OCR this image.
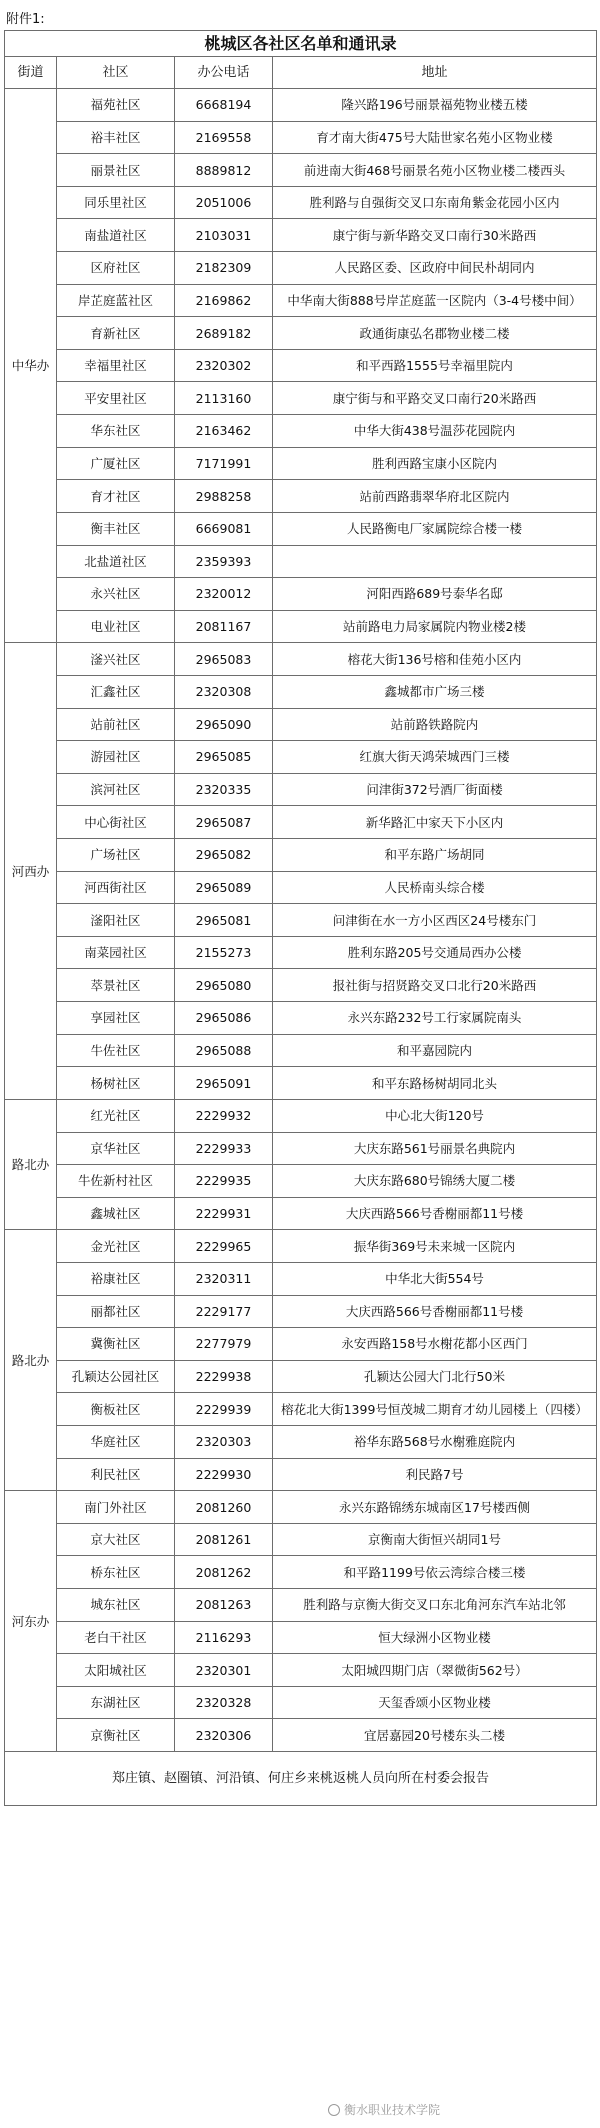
附件1:
桃城区各社区名单和通讯录			
街道	社区	办公电话	地址
中华办	福苑社区	6668194	隆兴路196号丽景福苑物业楼五楼
	裕丰社区	2169558	育才南大街475号大陆世家名苑小区物业楼
	丽景社区	8889812	前进南大街468号丽景名苑小区物业楼二楼西头
	同乐里社区	2051006	胜利路与自强街交叉口东南角紫金花园小区内
	南盐道社区	2103031	康宁街与新华路交叉口南行30米路西
	区府社区	2182309	人民路区委、区政府中间民朴胡同内
	岸芷庭蓝社区	2169862	中华南大街888号岸芷庭蓝一区院内（3-4号楼中间）
	育新社区	2689182	政通街康弘名郡物业楼二楼
	幸福里社区	2320302	和平西路1555号幸福里院内
	平安里社区	2113160	康宁街与和平路交叉口南行20米路西
	华东社区	2163462	中华大街438号温莎花园院内
	广厦社区	7171991	胜利西路宝康小区院内
	育才社区	2988258	站前西路翡翠华府北区院内
	衡丰社区	6669081	人民路衡电厂家属院综合楼一楼
	北盐道社区	2359393	
	永兴社区	2320012	河阳西路689号泰华名邸
	电业社区	2081167	站前路电力局家属院内物业楼2楼
河西办	滏兴社区	2965083	榕花大街136号榕和佳苑小区内
	汇鑫社区	2320308	鑫城都市广场三楼
	站前社区	2965090	站前路铁路院内
	游园社区	2965085	红旗大街天鸿荣城西门三楼
	滨河社区	2320335	问津街372号酒厂街面楼
	中心街社区	2965087	新华路汇中家天下小区内
	广场社区	2965082	和平东路广场胡同
	河西街社区	2965089	人民桥南头综合楼
	滏阳社区	2965081	问津街在水一方小区西区24号楼东门
	南菜园社区	2155273	胜利东路205号交通局西办公楼
	萃景社区	2965080	报社街与招贤路交叉口北行20米路西
	享园社区	2965086	永兴东路232号工行家属院南头
	牛佐社区	2965088	和平嘉园院内
	杨树社区	2965091	和平东路杨树胡同北头
路北办	红光社区	2229932	中心北大街120号
	京华社区	2229933	大庆东路561号丽景名典院内
	牛佐新村社区	2229935	大庆东路680号锦绣大厦二楼
	鑫城社区	2229931	大庆西路566号香榭丽都11号楼
路北办	金光社区	2229965	振华街369号未来城一区院内
	裕康社区	2320311	中华北大街554号
	丽都社区	2229177	大庆西路566号香榭丽都11号楼
	冀衡社区	2277979	永安西路158号水榭花都小区西门
	孔颖达公园社区	2229938	孔颖达公园大门北行50米
	衡板社区	2229939	榕花北大街1399号恒茂城二期育才幼儿园楼上（四楼）
	华庭社区	2320303	裕华东路568号水榭雅庭院内
	利民社区	2229930	利民路7号
河东办	南门外社区	2081260	永兴东路锦绣东城南区17号楼西侧
	京大社区	2081261	京衡南大街恒兴胡同1号
	桥东社区	2081262	和平路1199号依云湾综合楼三楼
	城东社区	2081263	胜利路与京衡大街交叉口东北角河东汽车站北邻
	老白干社区	2116293	恒大绿洲小区物业楼
	太阳城社区	2320301	太阳城四期门店（翠微街562号）
	东湖社区	2320328	天玺香颂小区物业楼
	京衡社区	2320306	宜居嘉园20号楼东头二楼
郑庄镇、赵圈镇、河沿镇、何庄乡来桃返桃人员向所在村委会报告			
衡水职业技术学院
